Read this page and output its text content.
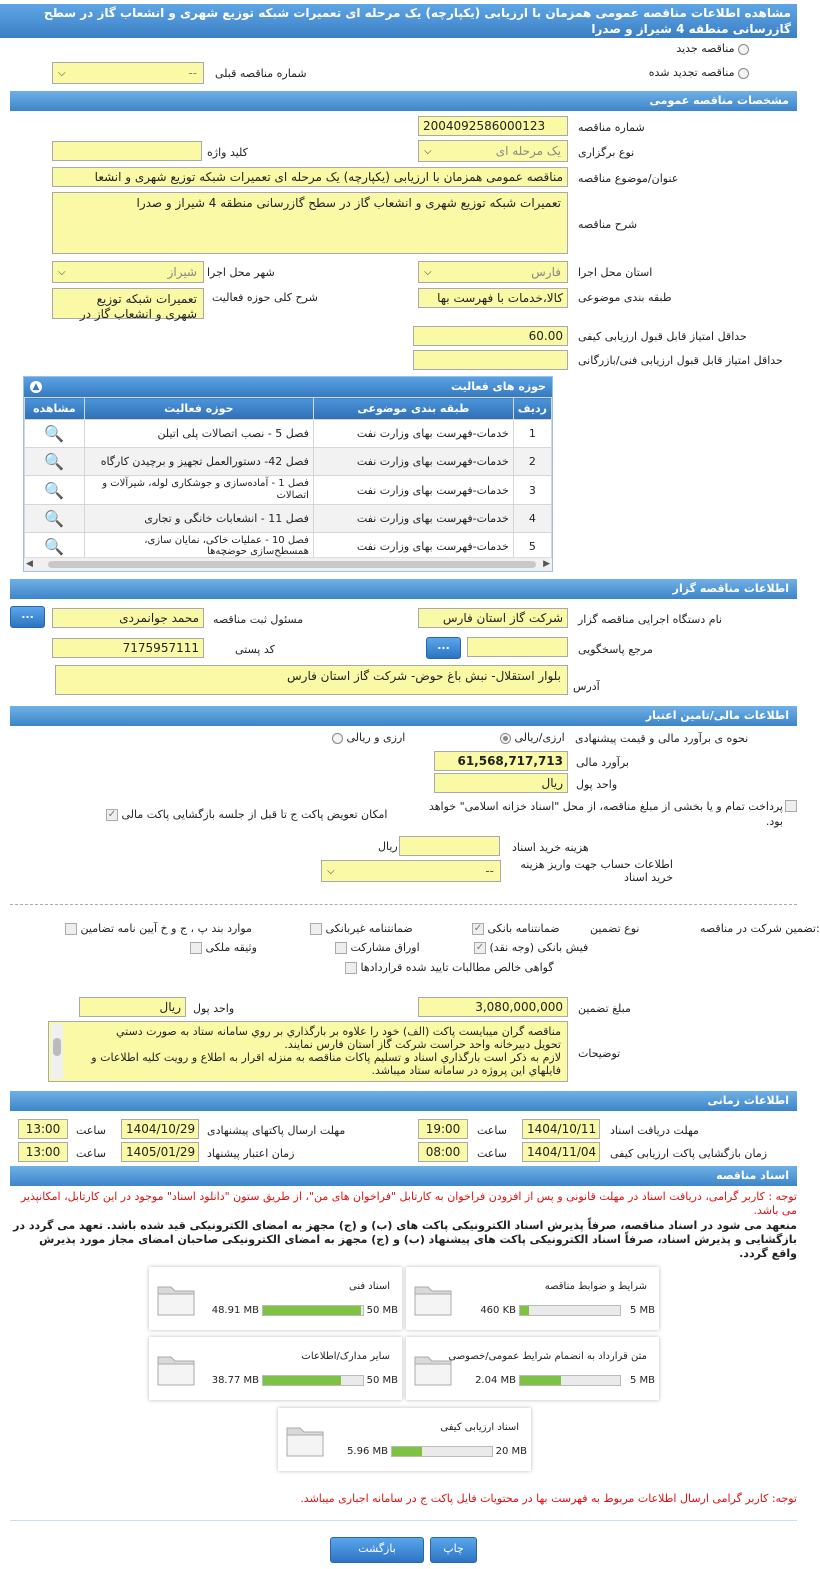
مشاهده اطلاعات مناقصه عمومی همزمان با ارزیابی (یکپارچه) یک مرحله ای تعمیرات شبکه توزیع شهری و انشعاب گاز در سطح گازرسانی منطقه 4 شیراز و صدرا
مناقصه جدید
مناقصه تجدید شده
شماره مناقصه قبلی
--
⌵
مشخصات مناقصه عمومی
شماره مناقصه
2004092586000123
نوع برگزاری
یک مرحله ای
⌵
کلید واژه
عنوان/موضوع مناقصه
مناقصه عمومی همزمان با ارزیابی (یکپارچه) یک مرحله ای تعمیرات شبکه توزیع شهری و انشعا
شرح مناقصه
تعمیرات شبکه توزیع شهری و انشعاب گاز در سطح گازرسانی منطقه 4 شیراز و صدرا
استان محل اجرا
فارس
⌵
شهر محل اجرا
شیراز
⌵
طبقه بندی موضوعی
کالا،خدمات با فهرست بها
شرح کلی حوزه فعالیت
تعمیرات شبکه توزیع شهری و انشعاب گاز در
حداقل امتیاز قابل قبول ارزیابی کیفی
60.00
حداقل امتیاز قابل قبول ارزیابی فنی/بازرگانی
حوزه های فعالیت
▲
ردیف	طبقه بندی موضوعی	حوزه فعالیت	مشاهده
1	خدمات-فهرست بهای وزارت نفت	فصل 5 - نصب اتصالات پلی اتیلن	🔍
2	خدمات-فهرست بهای وزارت نفت	فصل 42- دستورالعمل تجهیز و برچیدن کارگاه	🔍
3	خدمات-فهرست بهای وزارت نفت	فصل 1 - آماده‌سازی و جوشکاری لوله، شیرآلات و اتصالات	🔍
4	خدمات-فهرست بهای وزارت نفت	فصل 11 - انشعابات خانگی و تجاری	🔍
5	خدمات-فهرست بهای وزارت نفت	فصل 10 - عملیات خاکی، نمایان سازی، همسطح‌سازی حوضچه‌ها	🔍
◀	▶
اطلاعات مناقصه گزار
نام دستگاه اجرایی مناقصه گزار
شرکت گاز استان فارس
مسئول ثبت مناقصه
محمد جوانمردی
...
مرجع پاسخگویی
...
کد پستی
7175957111
آدرس
بلوار استقلال- نبش باغ حوض- شرکت گاز استان فارس
اطلاعات مالی/تامین اعتبار
نحوه ی برآورد مالی و قیمت پیشنهادی
ارزی/ریالی
ارزی و ریالی
برآورد مالی
61,568,717,713
واحد پول
ریال
پرداخت تمام و یا بخشی از مبلغ مناقصه، از محل "اسناد خزانه اسلامی" خواهد بود.
امکان تعویض پاکت ج تا قبل از جلسه بازگشایی پاکت مالی ✓
هزینه خرید اسناد
ریال
اطلاعات حساب جهت واریز هزینه خرید اسناد
--
⌵
تضمین شرکت در مناقصه:
نوع تضمین
ضمانتنامه بانکی ✓
ضمانتنامه غیربانکی
موارد بند پ ، ج و خ آیین نامه تضامین
فیش بانکی (وجه نقد) ✓
اوراق مشارکت
وثیقه ملکی
گواهی خالص مطالبات تایید شده قراردادها
مبلغ تضمین
3,080,000,000
واحد پول
ریال
توضیحات
مناقصه گران میبایست پاکت (الف) خود را علاوه بر بارگذاري بر روي سامانه ستاد به صورت دستي
تحويل دبيرخانه واحد حراست شركت گاز استان فارس نمايند.
لازم به ذكر است بارگذاري اسناد و تسليم پاكات مناقصه به منزله اقرار به اطلاع و رويت كليه اطلاعات و
فايلهاي اين پروژه در سامانه ستاد ميباشد.
اطلاعات زمانی
مهلت دریافت اسناد
1404/10/11
ساعت
19:00
مهلت ارسال پاکتهای پیشنهادی
1404/10/29
ساعت
13:00
زمان بازگشایی پاکت ارزیابی کیفی
1404/11/04
ساعت
08:00
زمان اعتبار پیشنهاد
1405/01/29
ساعت
13:00
اسناد مناقصه
توجه : کاربر گرامی، دریافت اسناد در مهلت قانونی و پس از افزودن فراخوان به کارتابل "فراخوان های من"، از طریق ستون "دانلود اسناد" موجود در این کارتابل، امکانپذیر می باشد.
منعهد می شود در اسناد مناقصه، صرفاً پذیرش اسناد الکترونیکی پاکت های (ب) و (ج) مجهز به امضای الکترونیکی قید شده باشد. تعهد می گردد در بازگشایی و پذیرش اسناد، صرفاً اسناد الکترونیکی پاکت های پیشنهاد (ب) و (ج) مجهز به امضای الکترونیکی صاحبان امضای مجاز مورد پذیرش واقع گردد.
شرایط و ضوابط مناقصه
460 KB	5 MB
اسناد فنی
48.91 MB	50 MB
متن قرارداد به انضمام شرایط عمومی/خصوصی
2.04 MB	5 MB
سایر مدارک/اطلاعات
38.77 MB	50 MB
اسناد ارزیابی کیفی
5.96 MB	20 MB
توجه: کاربر گرامی ارسال اطلاعات مربوط به فهرست بها در محتویات فایل پاکت ج در سامانه اجباری میباشد.
بازگشت	چاپ
